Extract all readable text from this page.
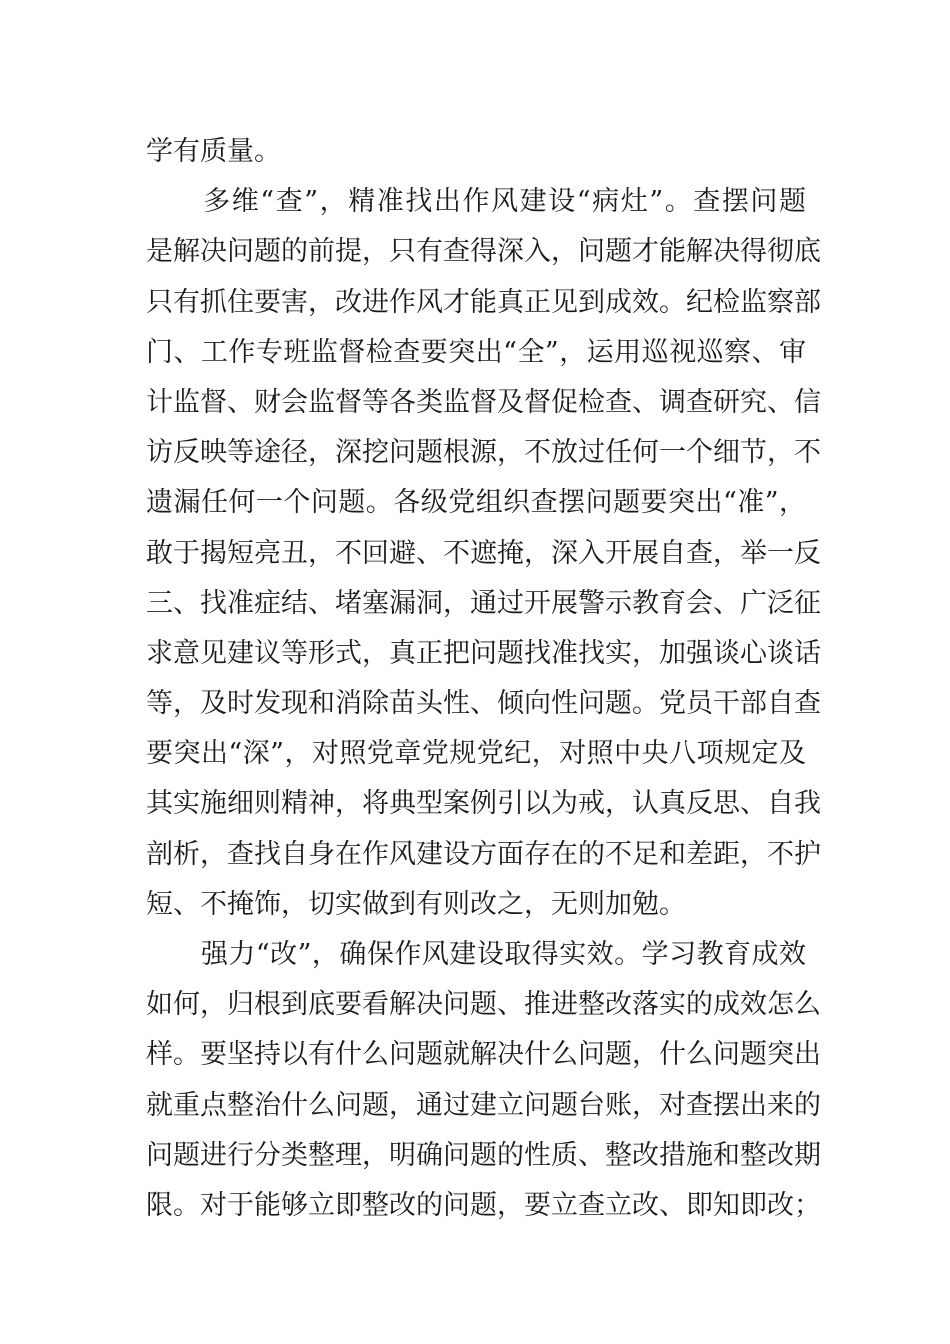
学有质量。
　　多维“查”，精准找出作风建设“病灶”。查摆问题
是解决问题的前提，只有查得深入，问题才能解决得彻底
只有抓住要害，改进作风才能真正见到成效。纪检监察部
门、工作专班监督检查要突出“全”，运用巡视巡察、审
计监督、财会监督等各类监督及督促检查、调查研究、信
访反映等途径，深挖问题根源，不放过任何一个细节，不
遗漏任何一个问题。各级党组织查摆问题要突出“准”，
敢于揭短亮丑，不回避、不遮掩，深入开展自查，举一反
三、找准症结、堵塞漏洞，通过开展警示教育会、广泛征
求意见建议等形式，真正把问题找准找实，加强谈心谈话
等，及时发现和消除苗头性、倾向性问题。党员干部自查
要突出“深”，对照党章党规党纪，对照中央八项规定及
其实施细则精神，将典型案例引以为戒，认真反思、自我
剖析，查找自身在作风建设方面存在的不足和差距，不护
短、不掩饰，切实做到有则改之，无则加勉。
　　强力“改”，确保作风建设取得实效。学习教育成效
如何，归根到底要看解决问题、推进整改落实的成效怎么
样。要坚持以有什么问题就解决什么问题，什么问题突出
就重点整治什么问题，通过建立问题台账，对查摆出来的
问题进行分类整理，明确问题的性质、整改措施和整改期
限。对于能够立即整改的问题，要立查立改、即知即改；
